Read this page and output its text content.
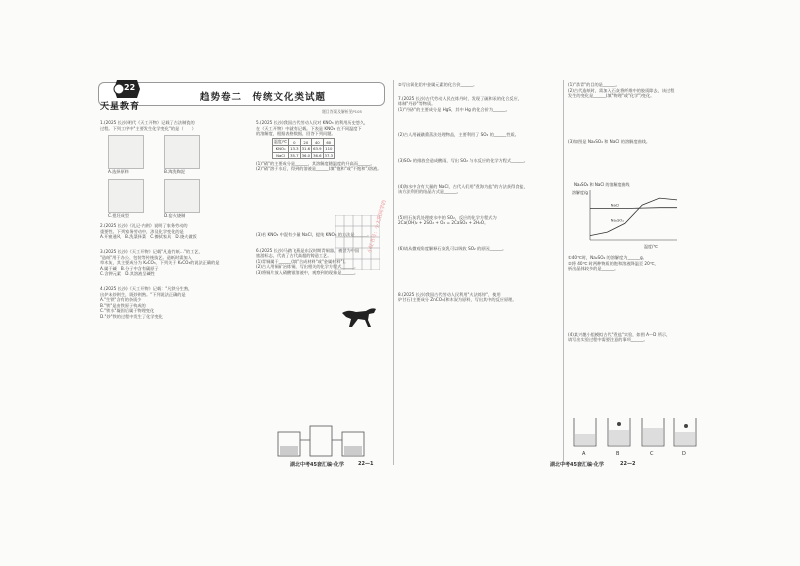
22
天星教育
趋势卷二　传统文化类试题
题目答案及解析见P105
1.(2025 长沙)明代《天工开物》记载了古法制瓷的
过程。下列工序中"主要发生化学变化"的是（　　）
A.选择原料	B.淘洗陶泥
C.捏坯成型	D.窑火烧制
2.(2025 长沙)《礼记·内则》说明了家务劳动的
重要性。下列家务劳动中，涉及化学变化的是
A.开窗通风　B.洗菜择菜　C.擦拭家具　D.烧火做饭
3.(2025 长沙)《天工开物》记载"凡造竹纸…"的工艺，
"造纸"用于办公、包装等传统技艺。造纸时需加入
草木灰，其主要成分为 K₂CO₃，下列关于 K₂CO₃的说法正确的是
A.属于碱　B.分子中含有碳原子
C.含钾元素　D.其溶液呈碱性
4.(2025 长沙)《天工开物》记载："凡铁分生熟，
出炉未炒则生，既炒则熟。"下列说法正确的是
A."生铁"含有的杂质少
B."铁"是由铁原子构成的
C."铁水"凝固后属于物理变化
D."炒"铁的过程中发生了化学变化
5.(2025 长沙)我国古代劳动人民对 KNO₃ 的利用历史悠久，
在《天工开物》中就有记载。下表是 KNO₃ 在不同温度下
的溶解度，根据表格数据，回答下列问题。
(1)"硝"的主要成分是______，其溶解度随温度的升高而______。
(2)"硝"溶于水后，得到的溶液是______(填"饱和"或"不饱和")溶液。
(3)若 KNO₃ 中混有少量 NaCl，提纯 KNO₃ 的方法是______。
6.(2025 长沙)马踏飞燕是东汉时期青铜器，被誉为中国
旅游标志，代表了古代高超的铸造工艺。
(1)青铜属于______(填"合成材料"或"金属材料")。
(2)古人用铜矿冶炼铜，写出相关的化学方程式______。
(3)将铜片放入硝酸银溶液中，观察到的现象是______。
温度/℃	0	20	40	60
KNO₃	13.3	31.6	63.9	110
NaCl	35.7	36.0	36.6	37.3
②写出氧化铝中金属元素的化合价______。
7.(2025 长沙)古代劳动人民在炼丹时，发现了硫和汞的化合反应，
炼制"丹砂"等物质。
(1)"丹砂"的主要成分是 HgS，其中 Hg 的化合价为______。
(2)古人用硫磺熏蒸法处理物品，主要利用了 SO₂ 的______性质。
(3)SO₂ 的排放会造成酸雨，写出 SO₂ 与水反应的化学方程式______。
(4)海水中含有大量的 NaCl，古代人们用"煮海为盐"的方法获得食盐，
该方法利用的结晶方式是______。
(5)用石灰乳处理废水中的 SO₂，反应的化学方程式为
2Ca(OH)₂ + 2SO₂ + O₂ = 2CaSO₄ + 2H₂O。
(6)请从微观角度解释石灰乳可以吸收 SO₂ 的原因______。
8.(2025 长沙)我国古代劳动人民利用"火法炼锌"，使用
炉甘石(主要成分 ZnCO₃)和木炭为原料，写出其中的反应原理。
小红书号：小太阳同学的
(1)"杀青"的目的是______。
(2)古代造纸时，需加入石灰将纤维中的胶质除去，该过程
发生的变化是______(填"物理"或"化学")变化。
(3)如图是 Na₂SO₄ 和 NaCl 的溶解度曲线。
Na₂SO₄ 和 NaCl 的溶解度曲线
温度/℃
溶解度/g
Na₂SO₄
NaCl
①40℃时，Na₂SO₄ 的溶解度为______g。
②将 40℃ 时两种物质的饱和溶液降温至 20℃，
析出晶体较多的是______。
(4)某兴趣小组模拟古代"煮盐"实验，如图 A～D 所示，
请写出实验过程中需要注意的事项______。
A	B	C	D
湖北中考45套汇编·化学	22—1	湖北中考45套汇编·化学	22—2
